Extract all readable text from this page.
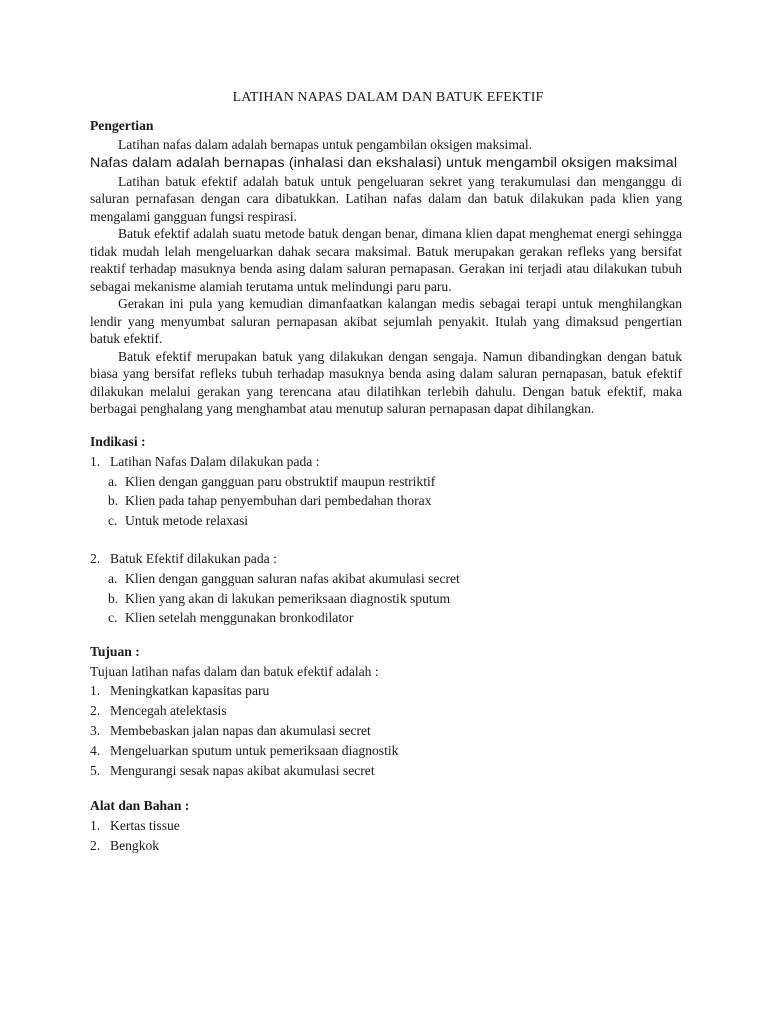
LATIHAN NAPAS DALAM DAN BATUK EFEKTIF
Pengertian

Latihan nafas dalam adalah bernapas untuk pengambilan oksigen maksimal.

Nafas dalam adalah bernapas (inhalasi dan ekshalasi) untuk mengambil oksigen maksimal

Latihan batuk efektif adalah batuk untuk pengeluaran sekret yang terakumulasi dan menganggu di saluran pernafasan dengan cara dibatukkan. Latihan nafas dalam dan batuk dilakukan pada klien yang mengalami gangguan fungsi respirasi.

Batuk efektif adalah suatu metode batuk dengan benar, dimana klien dapat menghemat energi sehingga tidak mudah lelah mengeluarkan dahak secara maksimal. Batuk merupakan gerakan refleks yang bersifat reaktif terhadap masuknya benda asing dalam saluran pernapasan. Gerakan ini terjadi atau dilakukan tubuh sebagai mekanisme alamiah terutama untuk melindungi paru paru.

Gerakan ini pula yang kemudian dimanfaatkan kalangan medis sebagai terapi untuk menghilangkan lendir yang menyumbat saluran pernapasan akibat sejumlah penyakit. Itulah yang dimaksud pengertian batuk efektif.

Batuk efektif merupakan batuk yang dilakukan dengan sengaja. Namun dibandingkan dengan batuk biasa yang bersifat refleks tubuh terhadap masuknya benda asing dalam saluran pernapasan, batuk efektif dilakukan melalui gerakan yang terencana atau dilatihkan terlebih dahulu. Dengan batuk efektif, maka berbagai penghalang yang menghambat atau menutup saluran pernapasan dapat dihilangkan.

Indikasi :
1. Latihan Nafas Dalam dilakukan pada :
a. Klien dengan gangguan paru obstruktif maupun restriktif
b. Klien pada tahap penyembuhan dari pembedahan thorax
c. Untuk metode relaxasi
2. Batuk Efektif dilakukan pada :
a. Klien dengan gangguan saluran nafas akibat akumulasi secret
b. Klien yang akan di lakukan pemeriksaan diagnostik sputum
c. Klien setelah menggunakan bronkodilator
Tujuan :
Tujuan latihan nafas dalam dan batuk efektif adalah :
1. Meningkatkan kapasitas paru
2. Mencegah atelektasis
3. Membebaskan jalan napas dan akumulasi secret
4. Mengeluarkan sputum untuk pemeriksaan diagnostik
5. Mengurangi sesak napas akibat akumulasi secret
Alat dan Bahan :
1. Kertas tissue
2. Bengkok
